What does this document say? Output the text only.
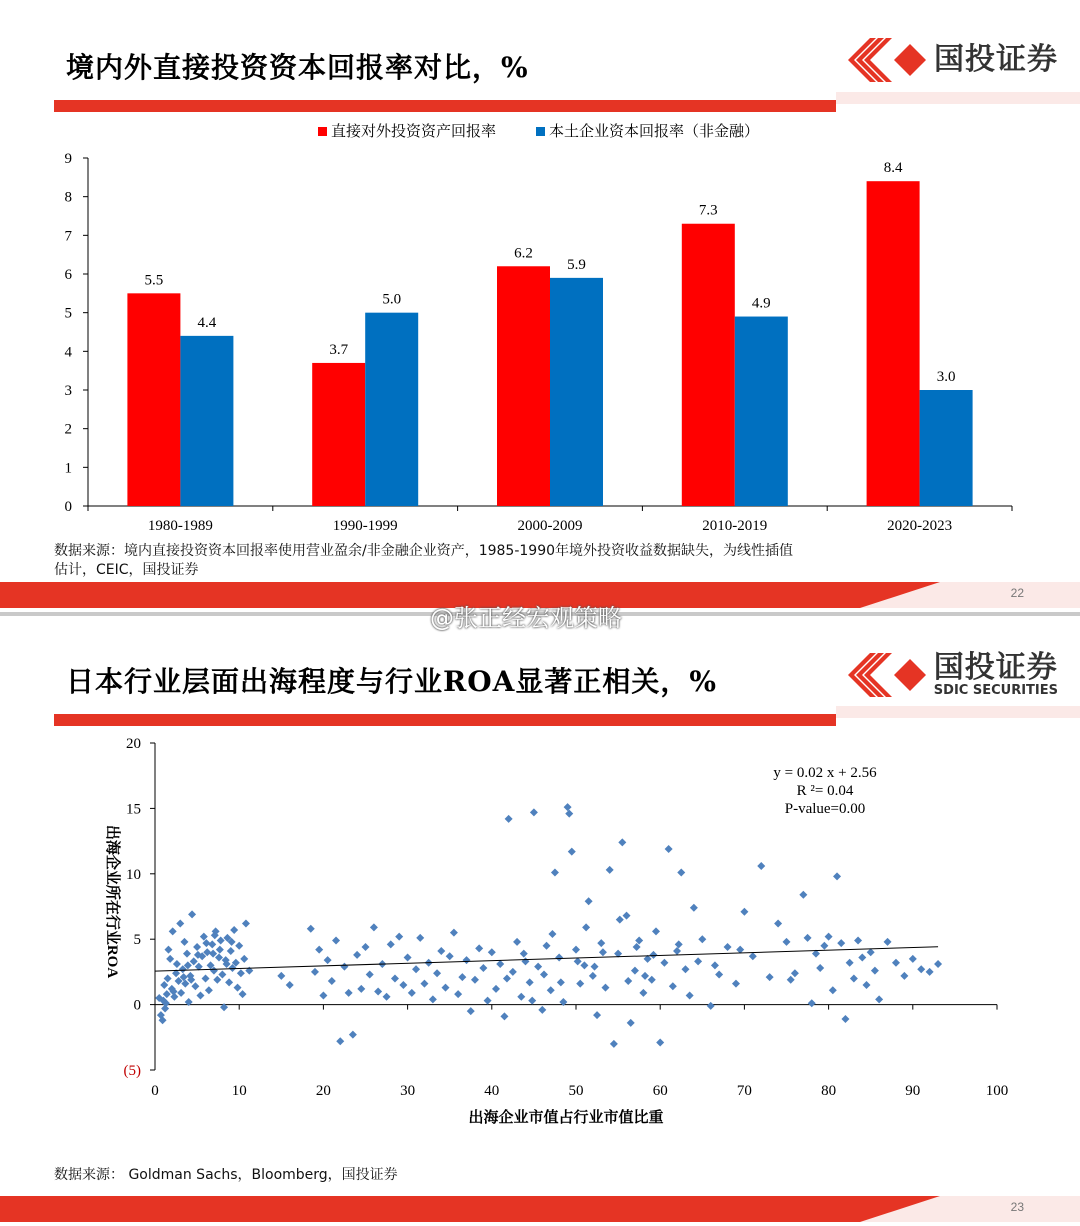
境内外直接投资资本回报率对比，%	国投证券
直接对外投资资产回报率	本土企业资本回报率（非金融）
0
1
2
3
4
5
6
7
8
9
1980-1989
5.5
4.4
1990-1999
3.7
5.0
2000-2009
6.2
5.9
2010-2019
7.3
4.9
2020-2023
8.4
3.0
数据来源：境内直接投资资本回报率使用营业盈余/非金融企业资产，1985-1990年境外投资收益数据缺失，为线性插值
估计，CEIC，国投证券
22
@张正经宏观策略
日本行业层面出海程度与行业ROA显著正相关，%	国投证券
SDIC SECURITIES
(5)
0
5
10
15
20
0	10	20	30	40	50	60	70	80	90	100
出海企业市值占行业市值比重
出海企业所在行业ROA
y = 0.02 x + 2.56
R ²= 0.04
P-value=0.00
数据来源： Goldman Sachs，Bloomberg，国投证券
23
